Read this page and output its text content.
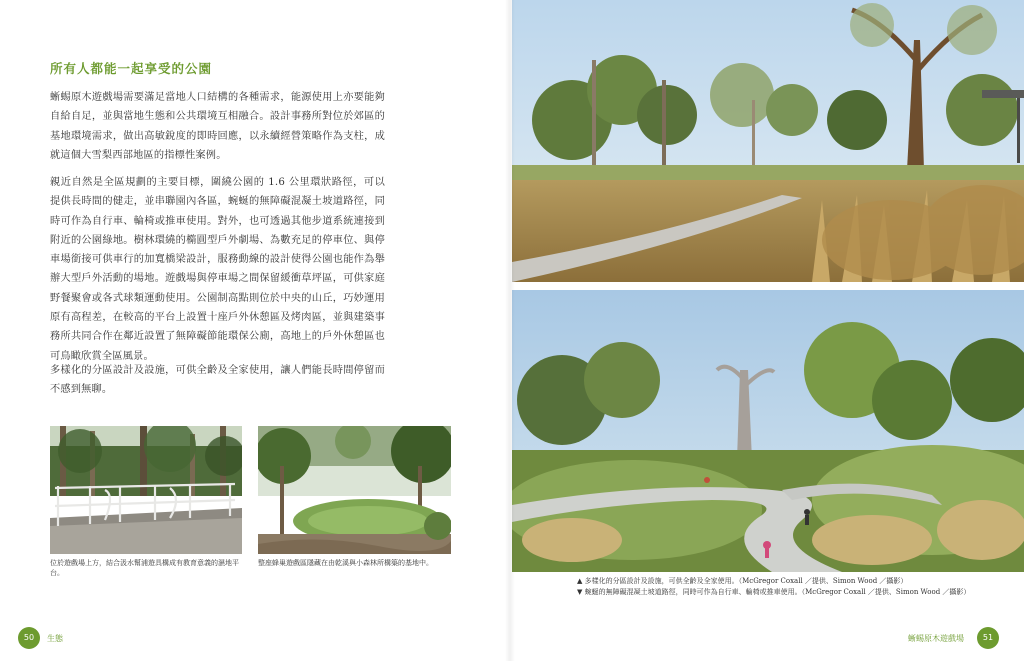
所有人都能一起享受的公園

蜥蜴原木遊戲場需要滿足當地人口結構的各種需求，能源使用上亦要能夠自給自足，並與當地生態和公共環境互相融合。設計事務所對位於郊區的基地環境需求，做出高敏銳度的即時回應，以永續經營策略作為支柱，成就這個大雪梨西部地區的指標性案例。

親近自然是全區規劃的主要目標，圍繞公園的 1.6 公里環狀路徑，可以提供長時間的健走，並串聯園內各區，蜿蜒的無障礙混凝土坡道路徑，同時可作為自行車、輪椅或推車使用。對外，也可透過其他步道系統連接到附近的公園綠地。樹林環繞的橢圓型戶外劇場、為數充足的停車位、與停車場銜接可供車行的加寬橋梁設計，服務動線的設計使得公園也能作為舉辦大型戶外活動的場地。遊戲場與停車場之間保留緩衝草坪區，可供家庭野餐聚會或各式球類運動使用。公園制高點則位於中央的山丘，巧妙運用原有高程差，在較高的平台上設置十座戶外休憩區及烤肉區，並與建築事務所共同合作在鄰近設置了無障礙節能環保公廁，高地上的戶外休憩區也可鳥瞰欣賞全區風景。

多樣化的分區設計及設施，可供全齡及全家使用，讓人們能長時間停留而不感到無聊。

位於遊戲場上方，結合汲水幫浦遊具構成有教育意義的濕地平台。
整座蜂巢遊戲區隱藏在由乾溪與小森林所構築的基地中。
50	生態	51
蜥蜴原木遊戲場
▲ 多樣化的分區設計及設施，可供全齡及全家使用。（McGregor Coxall ／提供、Simon Wood ／攝影）
▼ 蜿蜒的無障礙混凝土坡道路徑，同時可作為自行車、輪椅或推車使用。（McGregor Coxall ／提供、Simon Wood ／攝影）
